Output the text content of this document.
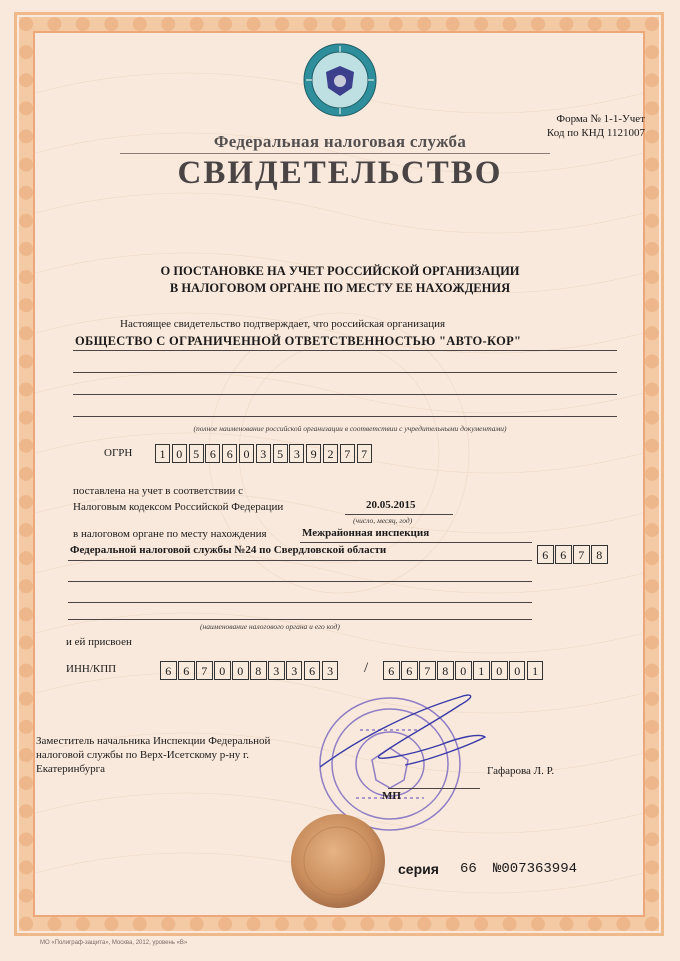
Форма № 1-1-Учет
Код по КНД 1121007
Федеральная налоговая служба
СВИДЕТЕЛЬСТВО
О ПОСТАНОВКЕ НА УЧЕТ РОССИЙСКОЙ ОРГАНИЗАЦИИ
В НАЛОГОВОМ ОРГАНЕ ПО МЕСТУ ЕЕ НАХОЖДЕНИЯ
Настоящее свидетельство подтверждает, что российская организация
ОБЩЕСТВО С ОГРАНИЧЕННОЙ ОТВЕТСТВЕННОСТЬЮ "АВТО-КОР"
(полное наименование российской организации в соответствии с учредительными документами)
ОГРН	1 0 5 6 6 0 3 5 3 9 2 7 7
поставлена на учет в соответствии с
Налоговым кодексом Российской Федерации	20.05.2015
(число, месяц, год)
в налоговом органе по месту нахождения	Межрайонная инспекция
Федеральной налоговой службы №24 по Свердловской области	6 6 7 8
(наименование налогового органа и его код)
и ей присвоен
ИНН/КПП	6 6 7 0 0 8 3 3 6 3	/	6 6 7 8 0 1 0 0 1
Заместитель начальника Инспекции Федеральной
налоговой службы по Верх-Исетскому р-ну г.
Екатеринбурга	Гафарова Л. Р.
МП
серия 66 №007363994
МО «Полиграф-защита», Москва, 2012, уровень «В»
